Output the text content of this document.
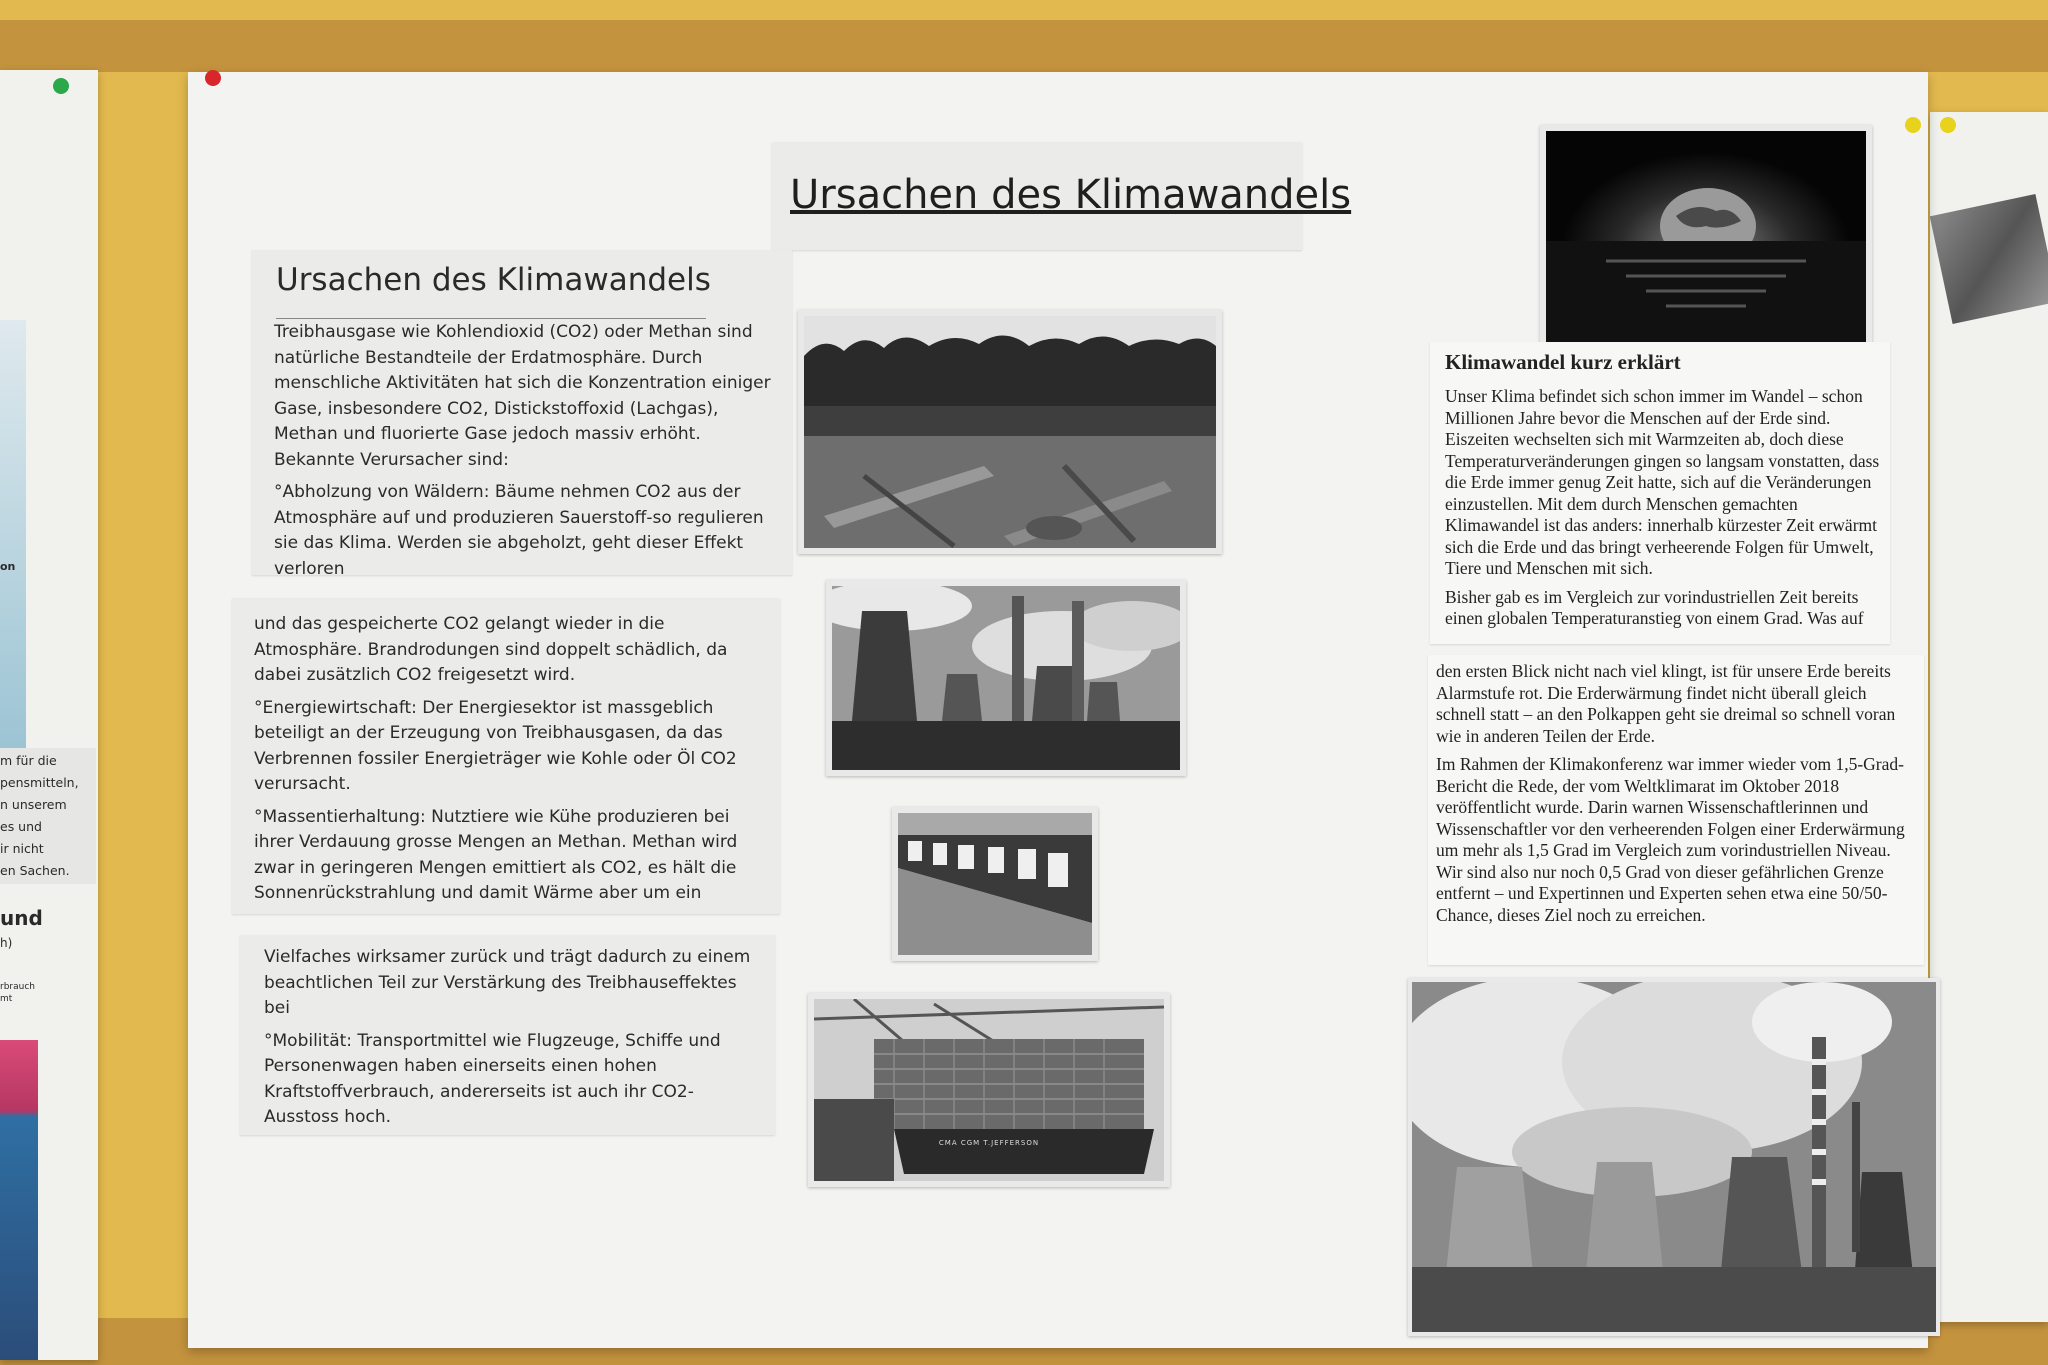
on
m für die
pensmitteln,
n unserem
es und
ir nicht
en Sachen.
und
h)
rbrauch
mt
Ursachen des Klimawandels
Ursachen des Klimawandels

Treibhausgase wie Kohlendioxid (CO2) oder Methan sind natürliche Bestandteile der Erdatmosphäre. Durch menschliche Aktivitäten hat sich die Konzentration einiger Gase, insbesondere CO2, Distickstoffoxid (Lachgas), Methan und fluorierte Gase jedoch massiv erhöht. Bekannte Verursacher sind:

°Abholzung von Wäldern: Bäume nehmen CO2 aus der Atmosphäre auf und produzieren Sauerstoff-so regulieren sie das Klima. Werden sie abgeholzt, geht dieser Effekt verloren

und das gespeicherte CO2 gelangt wieder in die Atmosphäre. Brandrodungen sind doppelt schädlich, da dabei zusätzlich CO2 freigesetzt wird.

°Energiewirtschaft: Der Energiesektor ist massgeblich beteiligt an der Erzeugung von Treibhausgasen, da das Verbrennen fossiler Energieträger wie Kohle oder Öl CO2 verursacht.

°Massentierhaltung: Nutztiere wie Kühe produzieren bei ihrer Verdauung grosse Mengen an Methan. Methan wird zwar in geringeren Mengen emittiert als CO2, es hält die Sonnenrückstrahlung und damit Wärme aber um ein

Vielfaches wirksamer zurück und trägt dadurch zu einem beachtlichen Teil zur Verstärkung des Treibhauseffektes bei

°Mobilität: Transportmittel wie Flugzeuge, Schiffe und Personenwagen haben einerseits einen hohen Kraftstoffverbrauch, andererseits ist auch ihr CO2-Ausstoss hoch.

CMA CGM T.JEFFERSON
Klimawandel kurz erklärt

Unser Klima befindet sich schon immer im Wandel – schon Millionen Jahre bevor die Menschen auf der Erde sind. Eiszeiten wechselten sich mit Warmzeiten ab, doch diese Temperaturveränderungen gingen so langsam vonstatten, dass die Erde immer genug Zeit hatte, sich auf die Veränderungen einzustellen. Mit dem durch Menschen gemachten Klimawandel ist das anders: innerhalb kürzester Zeit erwärmt sich die Erde und das bringt verheerende Folgen für Umwelt, Tiere und Menschen mit sich.

Bisher gab es im Vergleich zur vorindustriellen Zeit bereits einen globalen Temperaturanstieg von einem Grad. Was auf

den ersten Blick nicht nach viel klingt, ist für unsere Erde bereits Alarmstufe rot. Die Erderwärmung findet nicht überall gleich schnell statt – an den Polkappen geht sie dreimal so schnell voran wie in anderen Teilen der Erde.

Im Rahmen der Klimakonferenz war immer wieder vom 1,5-Grad-Bericht die Rede, der vom Weltklimarat im Oktober 2018 veröffentlicht wurde. Darin warnen Wissenschaftlerinnen und Wissenschaftler vor den verheerenden Folgen einer Erderwärmung um mehr als 1,5 Grad im Vergleich zum vorindustriellen Niveau. Wir sind also nur noch 0,5 Grad von dieser gefährlichen Grenze entfernt – und Expertinnen und Experten sehen etwa eine 50/50-Chance, dieses Ziel noch zu erreichen.
